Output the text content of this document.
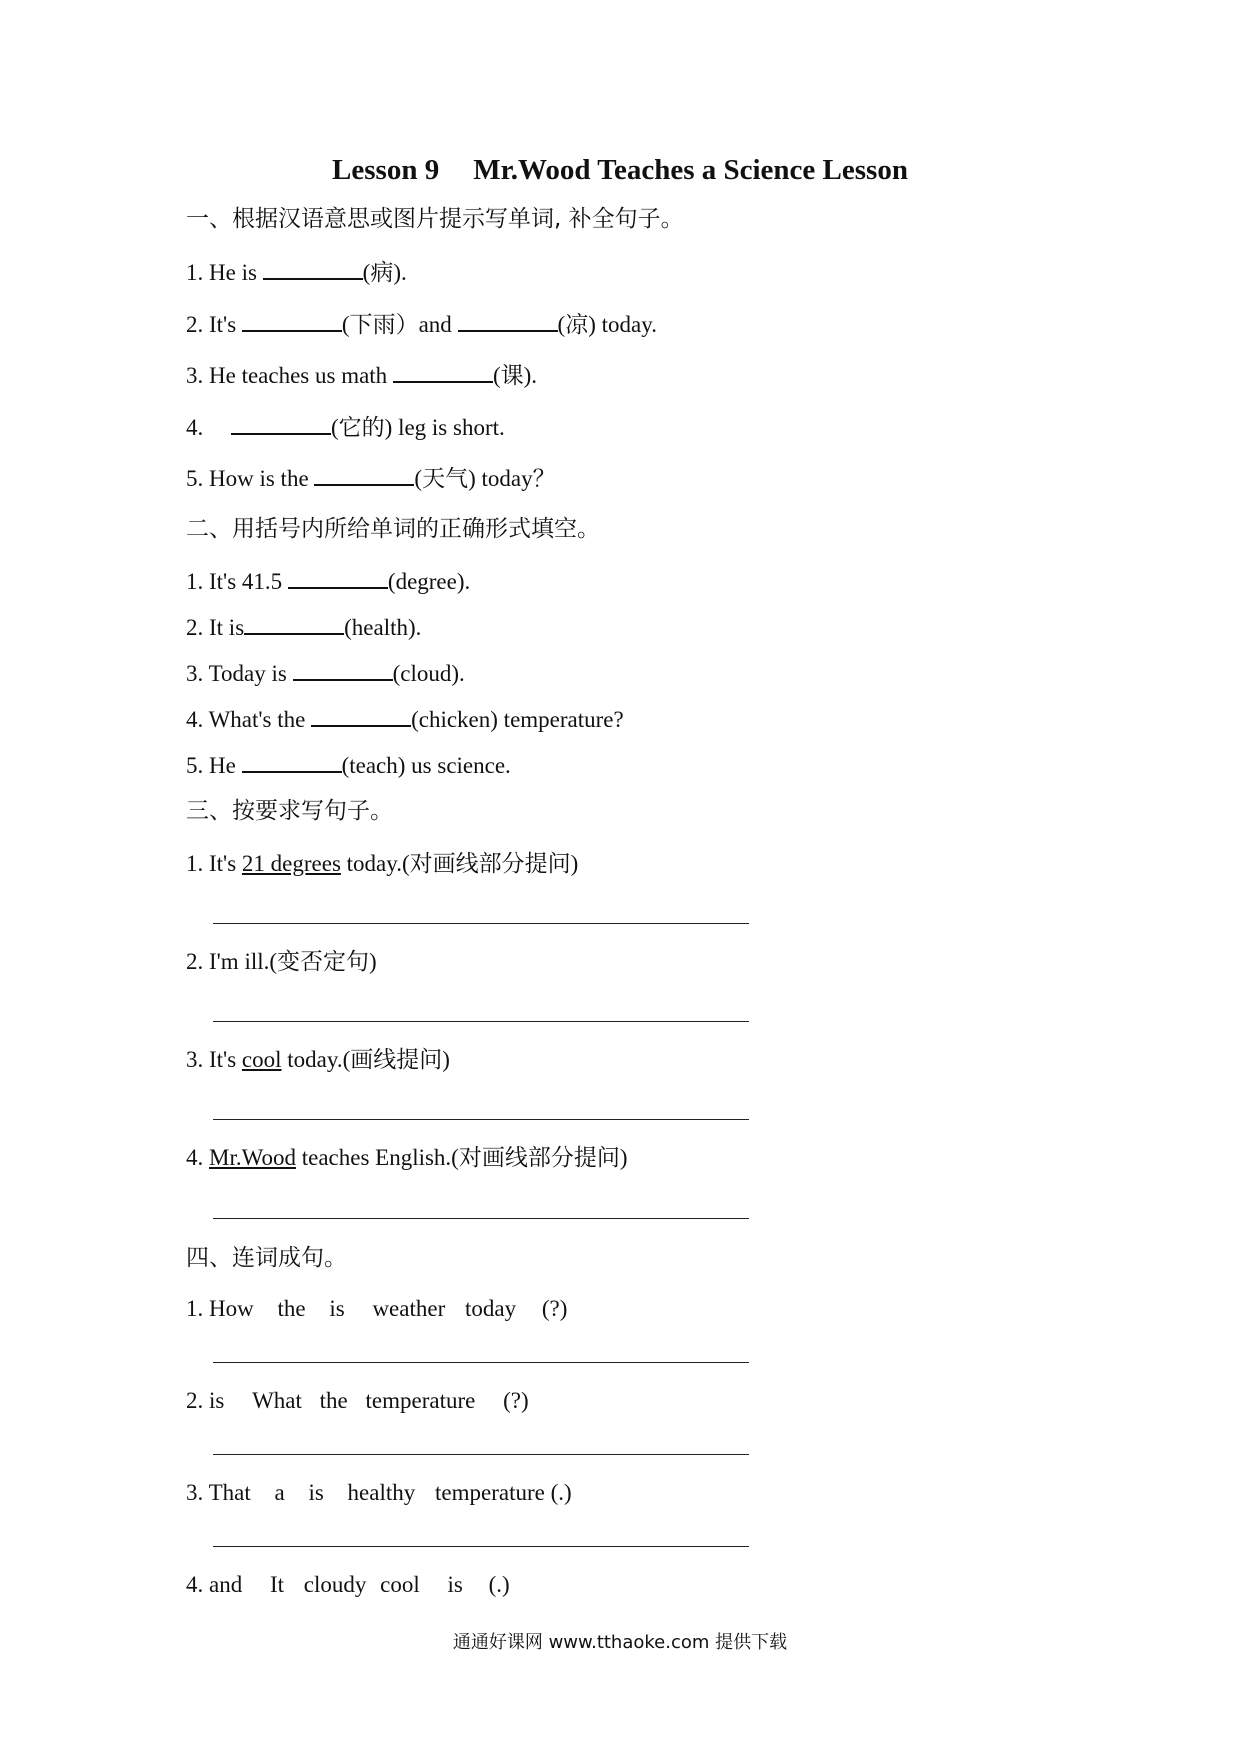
Lesson 9 Mr.Wood Teaches a Science Lesson
一、根据汉语意思或图片提示写单词, 补全句子。
1. He is	(病).
2. It's	(下雨）and	(凉) today.
3. He teaches us math	(课).
4.	(它的) leg is short.
5. How is the	(天气) today？
二、用括号内所给单词的正确形式填空。
1. It's 41.5	(degree).
2. It is	(health).
3. Today is	(cloud).
4. What's the	(chicken) temperature?
5. He	(teach) us science.
三、按要求写句子。
1. It's 21 degrees today.(对画线部分提问)
2. I'm ill.(变否定句)
3. It's cool today.(画线提问)
4. Mr.Wood teaches English.(对画线部分提问)
四、连词成句。
1. How the is weather today (?)
2. is What the temperature (?)
3. That a is healthy temperature (.)
4. and It cloudy cool is (.)
通通好课网 www.tthaoke.com 提供下载
